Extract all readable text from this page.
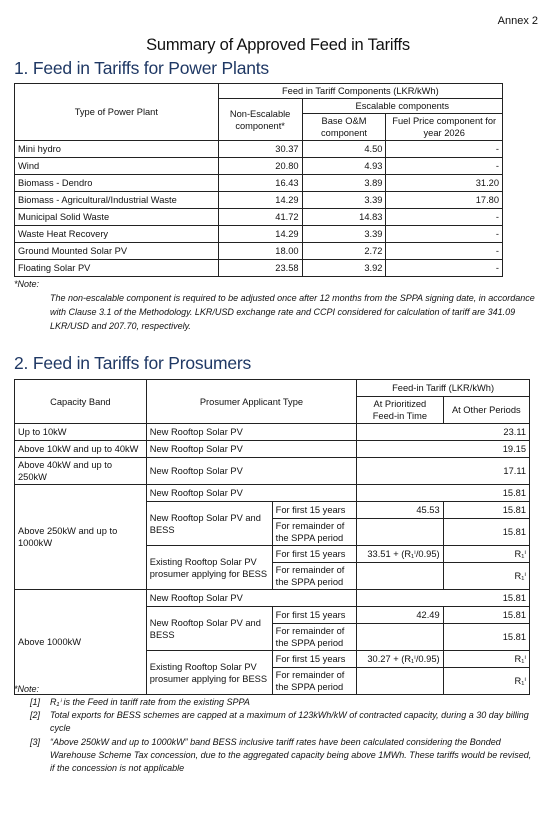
Annex 2
Summary of Approved Feed in Tariffs
1. Feed in Tariffs for Power Plants
Type of Power Plant	Feed in Tariff Components (LKR/kWh)		
	Non-Escalable component*	Escalable components	
		Base O&M component	Fuel Price component for year 2026
Mini hydro	30.37	4.50	-
Wind	20.80	4.93	-
Biomass - Dendro	16.43	3.89	31.20
Biomass - Agricultural/Industrial Waste	14.29	3.39	17.80
Municipal Solid Waste	41.72	14.83	-
Waste Heat Recovery	14.29	3.39	-
Ground Mounted Solar PV	18.00	2.72	-
Floating Solar PV	23.58	3.92	-
*Note:
The non-escalable component is required to be adjusted once after 12 months from the SPPA signing date, in accordance with Clause 3.1 of the Methodology. LKR/USD exchange rate and CCPI considered for calculation of tariff are 341.09 LKR/USD and 207.70, respectively.
2. Feed in Tariffs for Prosumers
Capacity Band	Prosumer Applicant Type		Feed-in Tariff (LKR/kWh)	
			At Prioritized Feed-in Time	At Other Periods
Up to 10kW	New Rooftop Solar PV		23.11	
Above 10kW and up to 40kW	New Rooftop Solar PV		19.15	
Above 40kW and up to 250kW	New Rooftop Solar PV		17.11	
Above 250kW and up to 1000kW	New Rooftop Solar PV		15.81	
	New Rooftop Solar PV and BESS	For first 15 years	45.53	15.81
		For remainder of the SPPA period		15.81

	Existing Rooftop Solar PV prosumer applying for BESS	For first 15 years	33.51 + (R₁ⁱ/0.95)	R₁ⁱ
		For remainder of the SPPA period		R₁ⁱ

Above 1000kW	New Rooftop Solar PV		15.81	
	New Rooftop Solar PV and BESS	For first 15 years	42.49	15.81
		For remainder of the SPPA period		15.81

	Existing Rooftop Solar PV prosumer applying for BESS	For first 15 years	30.27 + (R₁ⁱ/0.95)	R₁ⁱ
		For remainder of the SPPA period		R₁ⁱ

*Note:
[1] R₁ⁱ is the Feed in tariff rate from the existing SPPA
[2] Total exports for BESS schemes are capped at a maximum of 123kWh/kW of contracted capacity, during a 30 day billing cycle
[3] “Above 250kW and up to 1000kW” band BESS inclusive tariff rates have been calculated considering the Bonded Warehouse Scheme Tax concession, due to the aggregated capacity being above 1MWh. These tariffs would be revised, if the concession is not applicable
